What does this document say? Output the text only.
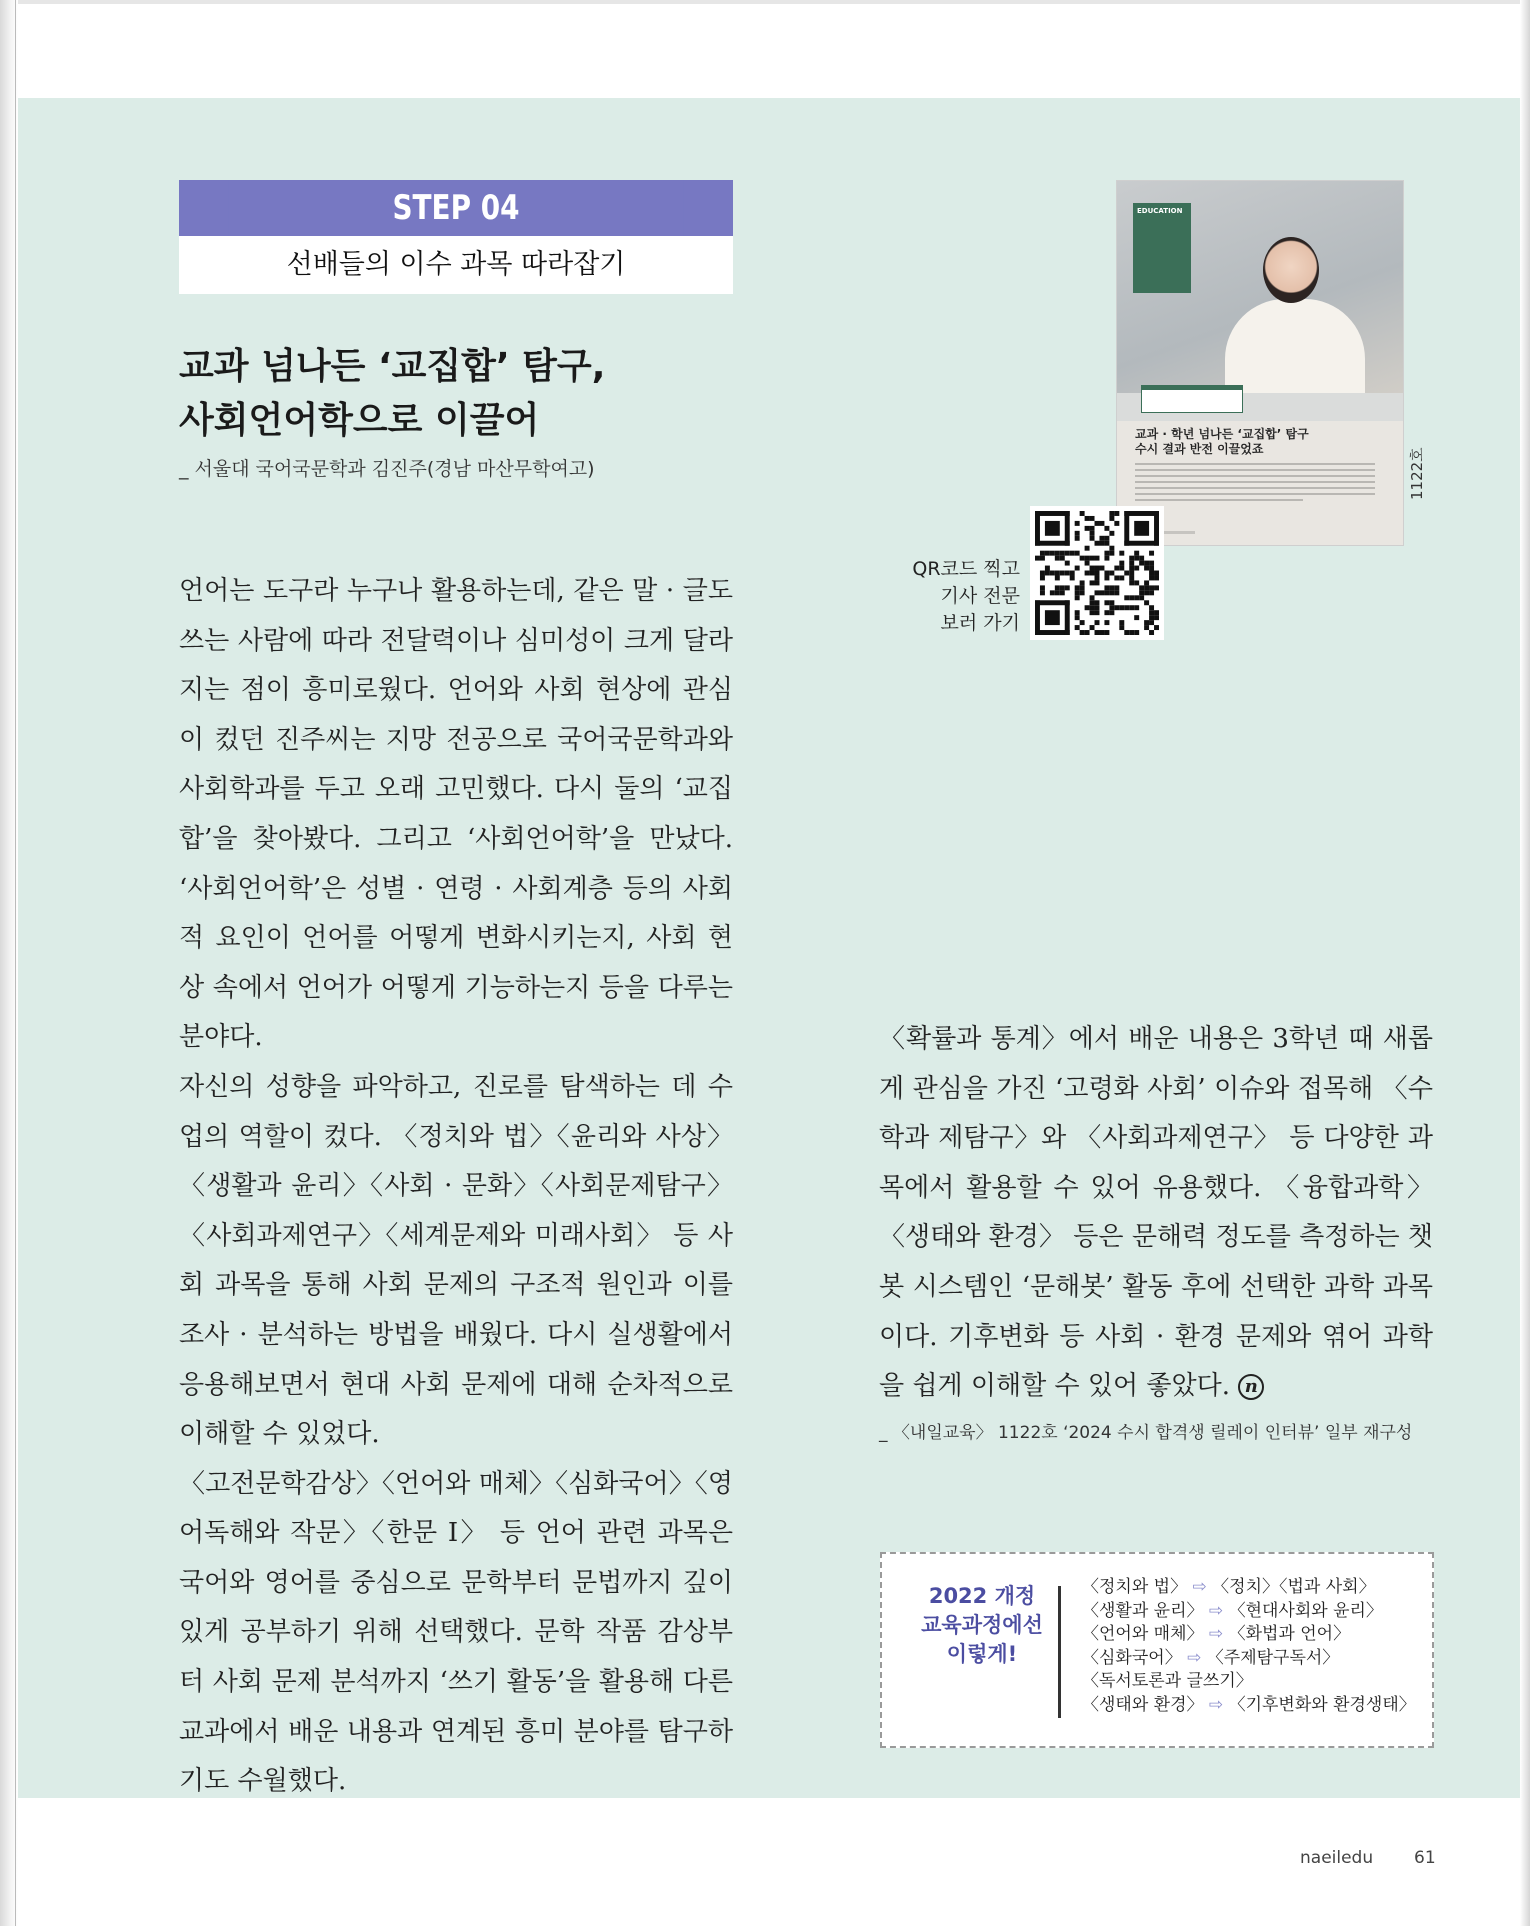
STEP 04
선배들의 이수 과목 따라잡기
교과 넘나든 ‘교집합’ 탐구,
사회언어학으로 이끌어
_ 서울대 국어국문학과 김진주(경남 마산무학여고)

언어는 도구라 누구나 활용하는데, 같은 말 · 글도 쓰는 사람에 따라 전달력이나 심미성이 크게 달라지는 점이 흥미로웠다. 언어와 사회 현상에 관심이 컸던 진주씨는 지망 전공으로 국어국문학과와 사회학과를 두고 오래 고민했다. 다시 둘의 ‘교집합’을 찾아봤다. 그리고 ‘사회언어학’을 만났다. ‘사회언어학’은 성별 · 연령 · 사회계층 등의 사회적 요인이 언어를 어떻게 변화시키는지, 사회 현상 속에서 언어가 어떻게 기능하는지 등을 다루는 분야다.

자신의 성향을 파악하고, 진로를 탐색하는 데 수업의 역할이 컸다. 〈정치와 법〉〈윤리와 사상〉〈생활과 윤리〉〈사회 · 문화〉〈사회문제탐구〉〈사회과제연구〉〈세계문제와 미래사회〉 등 사회 과목을 통해 사회 문제의 구조적 원인과 이를 조사 · 분석하는 방법을 배웠다. 다시 실생활에서 응용해보면서 현대 사회 문제에 대해 순차적으로 이해할 수 있었다.

〈고전문학감상〉〈언어와 매체〉〈심화국어〉〈영어독해와 작문〉〈한문 I〉 등 언어 관련 과목은 국어와 영어를 중심으로 문학부터 문법까지 깊이 있게 공부하기 위해 선택했다. 문학 작품 감상부터 사회 문제 분석까지 ‘쓰기 활동’을 활용해 다른 교과에서 배운 내용과 연계된 흥미 분야를 탐구하기도 수월했다.

〈확률과 통계〉에서 배운 내용은 3학년 때 새롭게 관심을 가진 ‘고령화 사회’ 이슈와 접목해 〈수학과 제탐구〉와 〈사회과제연구〉 등 다양한 과목에서 활용할 수 있어 유용했다. 〈융합과학〉〈생태와 환경〉 등은 문해력 정도를 측정하는 챗봇 시스템인 ‘문해봇’ 활동 후에 선택한 과학 과목이다. 기후변화 등 사회 · 환경 문제와 엮어 과학을 쉽게 이해할 수 있어 좋았다. n

_ 〈내일교육〉 1122호 ‘2024 수시 합격생 릴레이 인터뷰’ 일부 재구성
EDUCATION
교과 · 학년 넘나든 ‘교집합’ 탐구
수시 결과 반전 이끌었죠	1122호
QR코드 찍고
기사 전문
보러 가기
2022 개정
교육과정에선
이렇게!
〈정치와 법〉 ⇨ 〈정치〉〈법과 사회〉
〈생활과 윤리〉 ⇨ 〈현대사회와 윤리〉
〈언어와 매체〉 ⇨ 〈화법과 언어〉
〈심화국어〉 ⇨ 〈주제탐구독서〉
〈독서토론과 글쓰기〉
〈생태와 환경〉 ⇨ 〈기후변화와 환경생태〉
naeiledu 61
